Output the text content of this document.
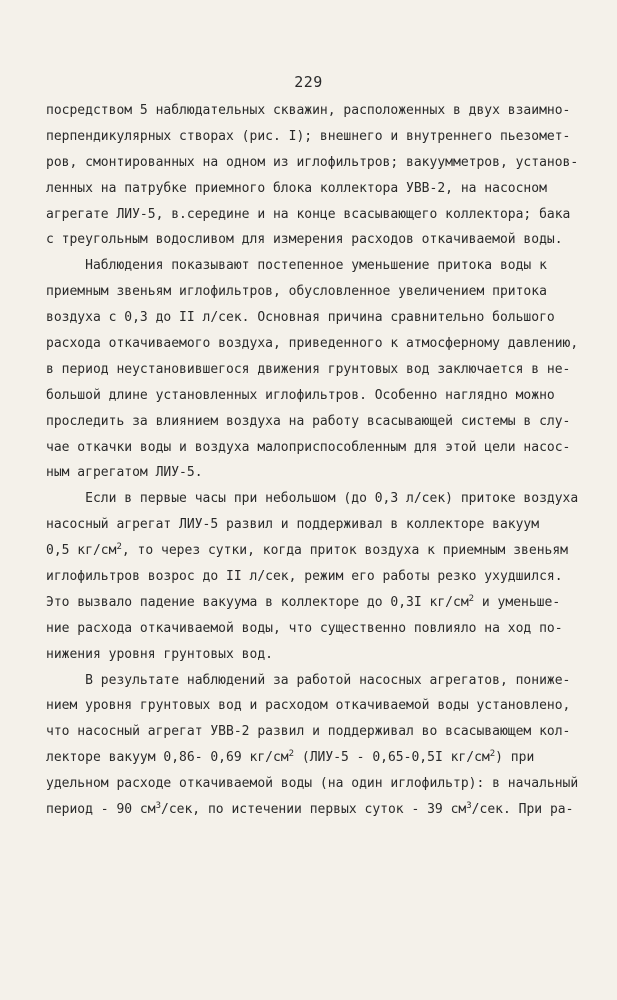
229
посредством 5 наблюдательных скважин, расположенных в двух взаимно-
перпендикулярных створах (рис. I); внешнего и внутреннего пьезомет-
ров, смонтированных на одном из иглофильтров; вакуумметров, установ-
ленных на патрубке приемного блока коллектора УВВ-2, на насосном
агрегате ЛИУ-5, в.середине и на конце всасывающего коллектора; бака
с треугольным водосливом для измерения расходов откачиваемой воды.
Наблюдения показывают постепенное уменьшение притока воды к
приемным звеньям иглофильтров, обусловленное увеличением притока
воздуха с 0,3 до II л/сек. Основная причина сравнительно большого
расхода откачиваемого воздуха, приведенного к атмосферному давлению,
в период неустановившегося движения грунтовых вод заключается в не-
большой длине установленных иглофильтров. Особенно наглядно можно
проследить за влиянием воздуха на работу всасывающей системы в слу-
чае откачки воды и воздуха малоприспособленным для этой цели насос-
ным агрегатом ЛИУ-5.
Если в первые часы при небольшом (до 0,3 л/сек) притоке воздуха
насосный агрегат ЛИУ-5 развил и поддерживал в коллекторе вакуум
0,5 $кг/см^2$, то через сутки, когда приток воздуха к приемным звеньям
иглофильтров возрос до II л/сек, режим его работы резко ухудшился.
Это вызвало падение вакуума в коллекторе до 0,3I $кг/см^2$ и уменьше-
ние расхода откачиваемой воды, что существенно повлияло на ход по-
нижения уровня грунтовых вод.
В результате наблюдений за работой насосных агрегатов, пониже-
нием уровня грунтовых вод и расходом откачиваемой воды установлено,
что насосный агрегат УВВ-2 развил и поддерживал во всасывающем кол-
лекторе вакуум 0,86- 0,69 $кг/см^2$ (ЛИУ-5 - 0,65-0,5I $кг/см^2$) при
удельном расходе откачиваемой воды (на один иглофильтр): в начальный
период - 90 $см^3$/сек, по истечении первых суток - 39 $см^3$/сек. При ра-
